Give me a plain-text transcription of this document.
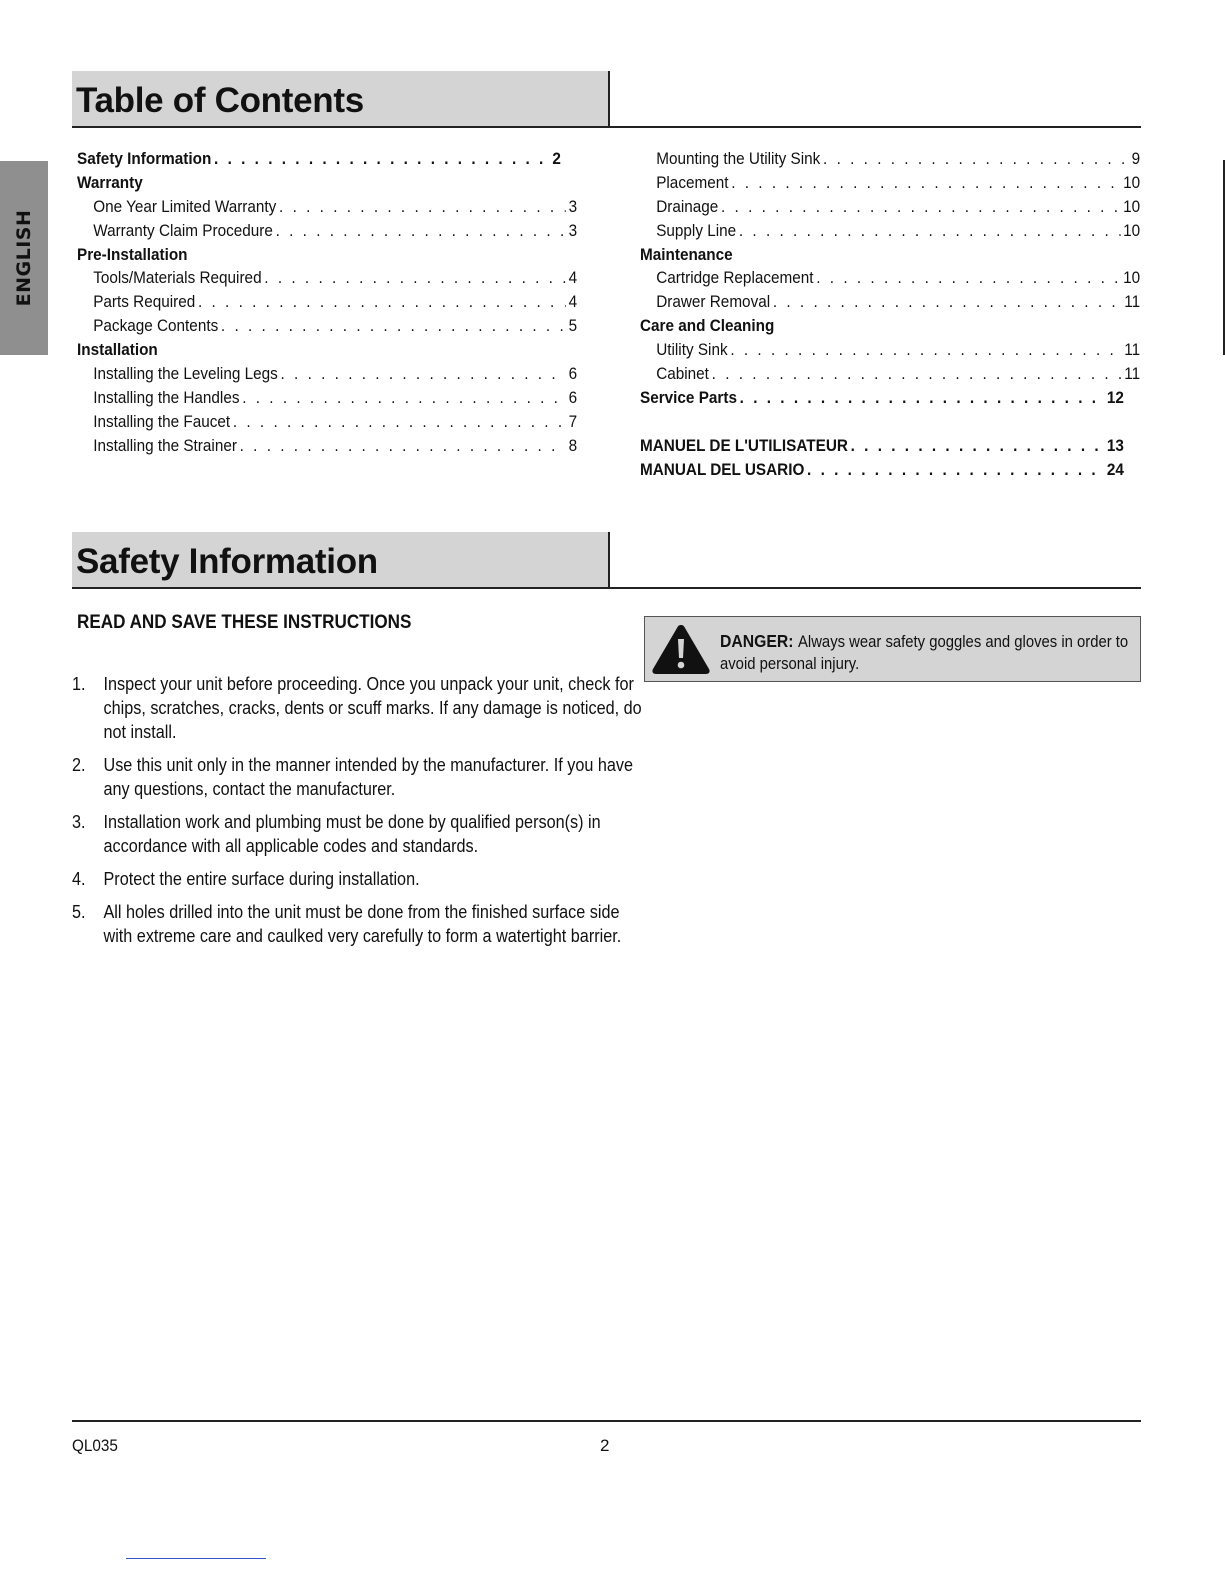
ENGLISH
Table of Contents
Safety Information . . .	2
Warranty
One Year Limited Warranty . . .	3
Warranty Claim Procedure . . .	3
Pre-Installation
Tools/Materials Required . . .	4
Parts Required . . .	4
Package Contents . . .	5
Installation
Installing the Leveling Legs . . .	6
Installing the Handles . . .	6
Installing the Faucet . . .	7
Installing the Strainer . . .	8
Mounting the Utility Sink . . .	9
Placement . . .	10
Drainage . . .	10
Supply Line . . .	10
Maintenance
Cartridge Replacement . . .	10
Drawer Removal . . .	11
Care and Cleaning
Utility Sink . . .	11
Cabinet . . .	11
Service Parts . . .	12
MANUEL DE L'UTILISATEUR . . .	13
MANUAL DEL USARIO . . .	24
Safety Information
READ AND SAVE THESE INSTRUCTIONS
1. Inspect your unit before proceeding. Once you unpack your unit, check for chips, scratches, cracks, dents or scuff marks. If any damage is noticed, do not install.
2. Use this unit only in the manner intended by the manufacturer. If you have any questions, contact the manufacturer.
3. Installation work and plumbing must be done by qualified person(s) in accordance with all applicable codes and standards.
4. Protect the entire surface during installation.
5. All holes drilled into the unit must be done from the finished surface side with extreme care and caulked very carefully to form a watertight barrier.
DANGER: Always wear safety goggles and gloves in order to avoid personal injury.
QL035	2
